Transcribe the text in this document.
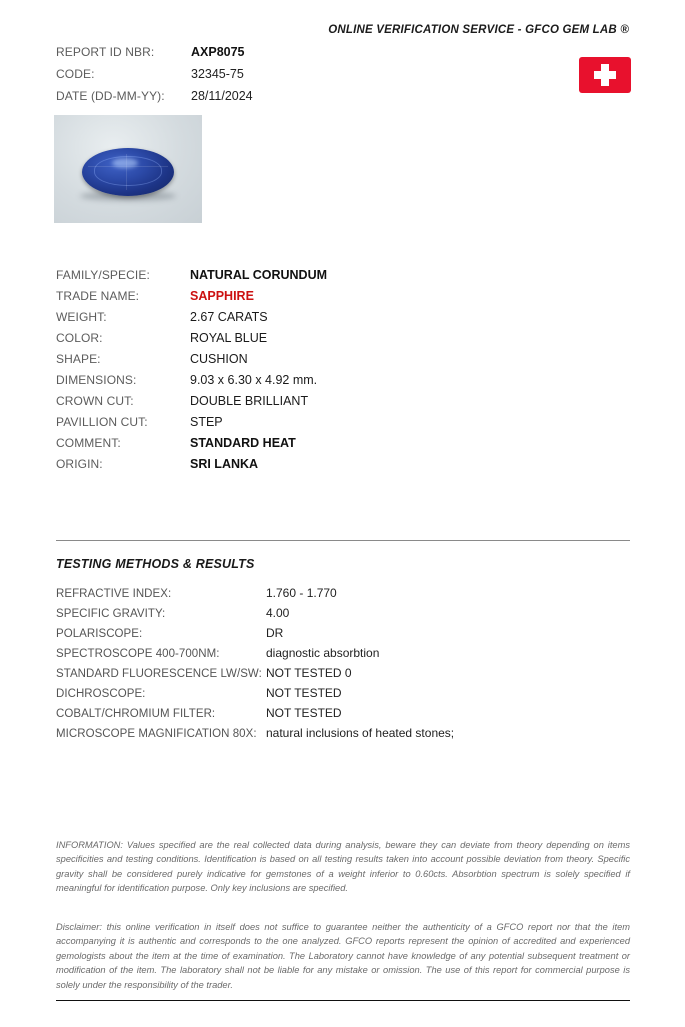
ONLINE VERIFICATION SERVICE - GFCO GEM LAB ®
REPORT ID NBR:	AXP8075
CODE:	32345-75
DATE (DD-MM-YY):	28/11/2024
FAMILY/SPECIE:	NATURAL CORUNDUM
TRADE NAME:	SAPPHIRE
WEIGHT:	2.67 CARATS
COLOR:	ROYAL BLUE
SHAPE:	CUSHION
DIMENSIONS:	9.03 x 6.30 x 4.92 mm.
CROWN CUT:	DOUBLE BRILLIANT
PAVILLION CUT:	STEP
COMMENT:	STANDARD HEAT
ORIGIN:	SRI LANKA
TESTING METHODS & RESULTS
REFRACTIVE INDEX:	1.760 - 1.770
SPECIFIC GRAVITY:	4.00
POLARISCOPE:	DR
SPECTROSCOPE 400-700NM:	diagnostic absorbtion
STANDARD FLUORESCENCE LW/SW: NOT TESTED 0
DICHROSCOPE:	NOT TESTED
COBALT/CHROMIUM FILTER:	NOT TESTED
MICROSCOPE MAGNIFICATION 80X: natural inclusions of heated stones;
INFORMATION: Values specified are the real collected data during analysis, beware they can deviate from theory depending on items specificities and testing conditions. Identification is based on all testing results taken into account possible deviation from theory. Specific gravity shall be considered purely indicative for gemstones of a weight inferior to 0.60cts. Absorbtion spectrum is solely specified if meaningful for identification purpose. Only key inclusions are specified.
Disclaimer: this online verification in itself does not suffice to guarantee neither the authenticity of a GFCO report nor that the item accompanying it is authentic and corresponds to the one analyzed. GFCO reports represent the opinion of accredited and experienced gemologists about the item at the time of examination. The Laboratory cannot have knowledge of any potential subsequent treatment or modification of the item. The laboratory shall not be liable for any mistake or omission. The use of this report for commercial purpose is solely under the responsibility of the trader.
